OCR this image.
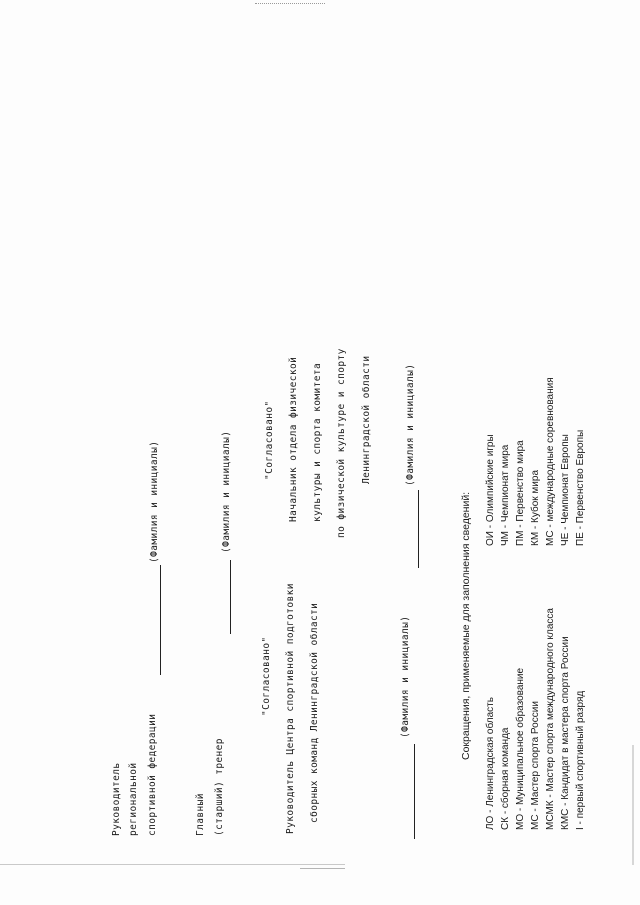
Руководитель региональной спортивной федерации
(Фамилия и инициалы)
Главный (старший) тренер
(Фамилия и инициалы)
"Согласовано" Руководитель Центра спортивной подготовки сборных команд Ленинградской области	(Фамилия и инициалы)
"Согласовано" Начальник отдела физической культуры и спорта комитета по физической культуре и спорту Ленинградской области	(Фамилия и инициалы)
Сокращения, применяемые для заполнения сведений:
ЛО - Ленинградская область СК - сборная команда МО - Муниципальное образование МС - Мастер спорта России МСМК - Мастер спорта международного класса КМС - Кандидат в мастера спорта России I - первый спортивный разряд
ОИ - Олимпийские игры ЧМ - Чемпионат мира ПМ - Первенство мира КМ - Кубок мира МС - международные соревнования ЧЕ - Чемпионат Европы ПЕ - Первенство Европы
